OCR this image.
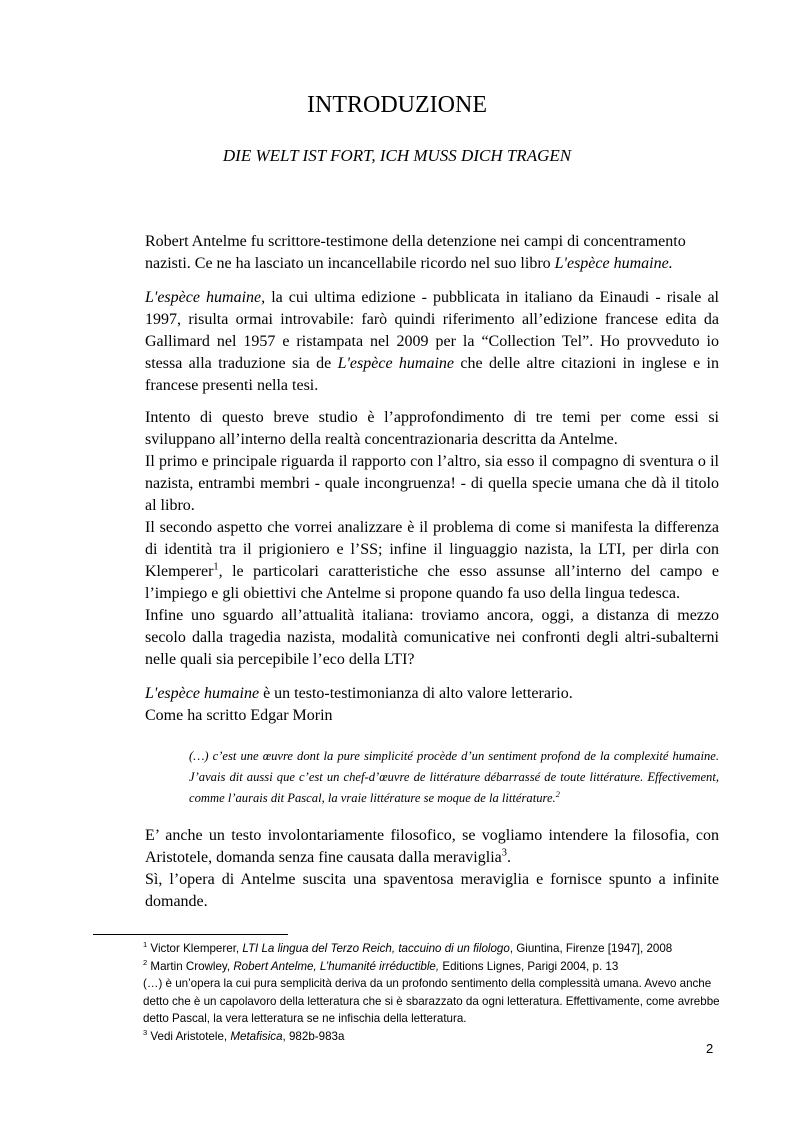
INTRODUZIONE
DIE WELT IST FORT, ICH MUSS DICH TRAGEN
Robert Antelme fu scrittore-testimone della detenzione nei campi di concentramento nazisti. Ce ne ha lasciato un incancellabile ricordo nel suo libro L'espèce humaine.
L'espèce humaine, la cui ultima edizione - pubblicata in italiano da Einaudi - risale al 1997, risulta ormai introvabile: farò quindi riferimento all’edizione francese edita da Gallimard nel 1957 e ristampata nel 2009 per la “Collection Tel”. Ho provveduto io stessa alla traduzione sia de L'espèce humaine che delle altre citazioni in inglese e in francese presenti nella tesi.
Intento di questo breve studio è l’approfondimento di tre temi per come essi si sviluppano all’interno della realtà concentrazionaria descritta da Antelme.
Il primo e principale riguarda il rapporto con l’altro, sia esso il compagno di sventura o il nazista, entrambi membri - quale incongruenza! - di quella specie umana che dà il titolo al libro.
Il secondo aspetto che vorrei analizzare è il problema di come si manifesta la differenza di identità tra il prigioniero e l’SS; infine il linguaggio nazista, la LTI, per dirla con Klemperer$^1$, le particolari caratteristiche che esso assunse all’interno del campo e l’impiego e gli obiettivi che Antelme si propone quando fa uso della lingua tedesca.
Infine uno sguardo all’attualità italiana: troviamo ancora, oggi, a distanza di mezzo secolo dalla tragedia nazista, modalità comunicative nei confronti degli altri-subalterni nelle quali sia percepibile l’eco della LTI?
L'espèce humaine è un testo-testimonianza di alto valore letterario.
Come ha scritto Edgar Morin
(…) c’est une œuvre dont la pure simplicité procède d’un sentiment profond de la complexité humaine. J’avais dit aussi que c’est un chef-d’œuvre de littérature débarrassé de toute littérature. Effectivement, comme l’aurais dit Pascal, la vraie littérature se moque de la littérature.$^2$
E’ anche un testo involontariamente filosofico, se vogliamo intendere la filosofia, con Aristotele, domanda senza fine causata dalla meraviglia$^3$.
Sì, l’opera di Antelme suscita una spaventosa meraviglia e fornisce spunto a infinite domande.

$^1$ Victor Klemperer, LTI La lingua del Terzo Reich, taccuino di un filologo, Giuntina, Firenze [1947], 2008

$^2$ Martin Crowley, Robert Antelme, L’humanité irréductible, Editions Lignes, Parigi 2004, p. 13

(…) è un’opera la cui pura semplicità deriva da un profondo sentimento della complessità umana. Avevo anche detto che è un capolavoro della letteratura che si è sbarazzato da ogni letteratura. Effettivamente, come avrebbe detto Pascal, la vera letteratura se ne infischia della letteratura.

$^3$ Vedi Aristotele, Metafisica, 982b-983a

2
